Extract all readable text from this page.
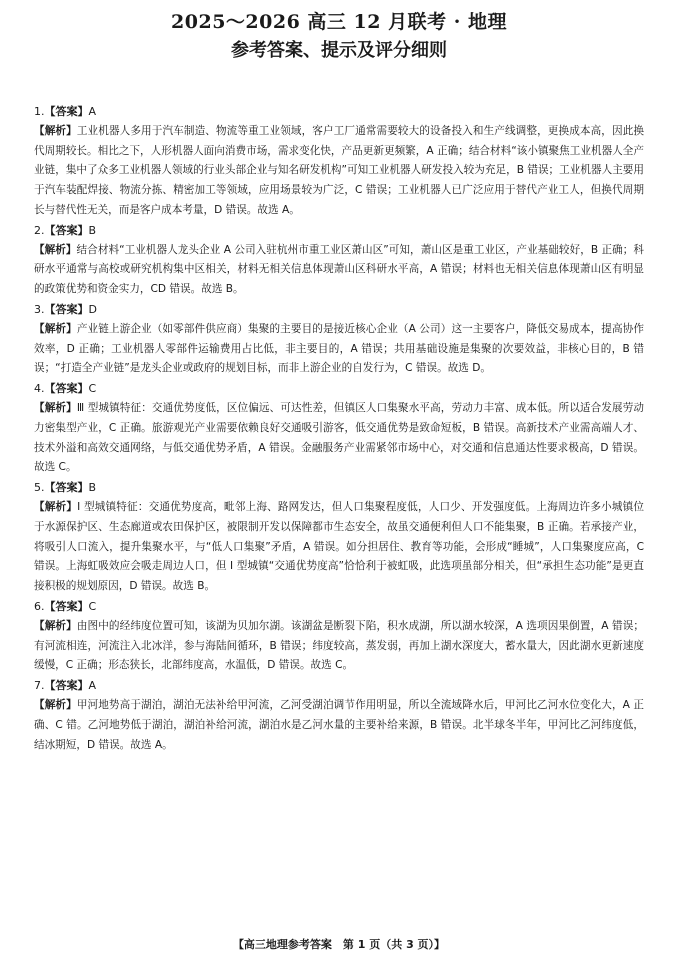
2025～2026 高三 12 月联考 · 地理
参考答案、提示及评分细则

1.【答案】A

【解析】工业机器人多用于汽车制造、物流等重工业领域，客户工厂通常需要较大的设备投入和生产线调整，更换成本高，因此换代周期较长。相比之下，人形机器人面向消费市场，需求变化快，产品更新更频繁，A 正确；结合材料“该小镇聚焦工业机器人全产业链，集中了众多工业机器人领域的行业头部企业与知名研发机构”可知工业机器人研发投入较为充足，B 错误；工业机器人主要用于汽车装配焊接、物流分拣、精密加工等领域，应用场景较为广泛，C 错误；工业机器人已广泛应用于替代产业工人，但换代周期长与替代性无关，而是客户成本考量，D 错误。故选 A。

2.【答案】B

【解析】结合材料“工业机器人龙头企业 A 公司入驻杭州市重工业区萧山区”可知，萧山区是重工业区，产业基础较好，B 正确；科研水平通常与高校或研究机构集中区相关，材料无相关信息体现萧山区科研水平高，A 错误；材料也无相关信息体现萧山区有明显的政策优势和资金实力，CD 错误。故选 B。

3.【答案】D

【解析】产业链上游企业（如零部件供应商）集聚的主要目的是接近核心企业（A 公司）这一主要客户，降低交易成本，提高协作效率，D 正确；工业机器人零部件运输费用占比低，非主要目的，A 错误；共用基础设施是集聚的次要效益，非核心目的，B 错误；“打造全产业链”是龙头企业或政府的规划目标，而非上游企业的自发行为，C 错误。故选 D。

4.【答案】C

【解析】Ⅲ 型城镇特征：交通优势度低，区位偏远、可达性差，但镇区人口集聚水平高，劳动力丰富、成本低。所以适合发展劳动力密集型产业，C 正确。旅游观光产业需要依赖良好交通吸引游客，低交通优势是致命短板，B 错误。高新技术产业需高端人才、技术外溢和高效交通网络，与低交通优势矛盾，A 错误。金融服务产业需紧邻市场中心，对交通和信息通达性要求极高，D 错误。故选 C。

5.【答案】B

【解析】Ⅰ 型城镇特征：交通优势度高，毗邻上海、路网发达，但人口集聚程度低，人口少、开发强度低。上海周边许多小城镇位于水源保护区、生态廊道或农田保护区，被限制开发以保障都市生态安全，故虽交通便利但人口不能集聚，B 正确。若承接产业，将吸引人口流入，提升集聚水平，与“低人口集聚”矛盾，A 错误。如分担居住、教育等功能，会形成“睡城”，人口集聚度应高，C 错误。上海虹吸效应会吸走周边人口，但 Ⅰ 型城镇“交通优势度高”恰恰利于被虹吸，此选项虽部分相关，但“承担生态功能”是更直接积极的规划原因，D 错误。故选 B。

6.【答案】C

【解析】由图中的经纬度位置可知，该湖为贝加尔湖。该湖盆是断裂下陷，积水成湖，所以湖水较深，A 选项因果倒置，A 错误；有河流相连，河流注入北冰洋，参与海陆间循环，B 错误；纬度较高，蒸发弱，再加上湖水深度大，蓄水量大，因此湖水更新速度缓慢，C 正确；形态狭长，北部纬度高，水温低，D 错误。故选 C。

7.【答案】A

【解析】甲河地势高于湖泊，湖泊无法补给甲河流，乙河受湖泊调节作用明显，所以全流域降水后，甲河比乙河水位变化大，A 正确、C 错。乙河地势低于湖泊，湖泊补给河流，湖泊水是乙河水量的主要补给来源，B 错误。北半球冬半年，甲河比乙河纬度低，结冰期短，D 错误。故选 A。

【高三地理参考答案　第 1 页（共 3 页）】
